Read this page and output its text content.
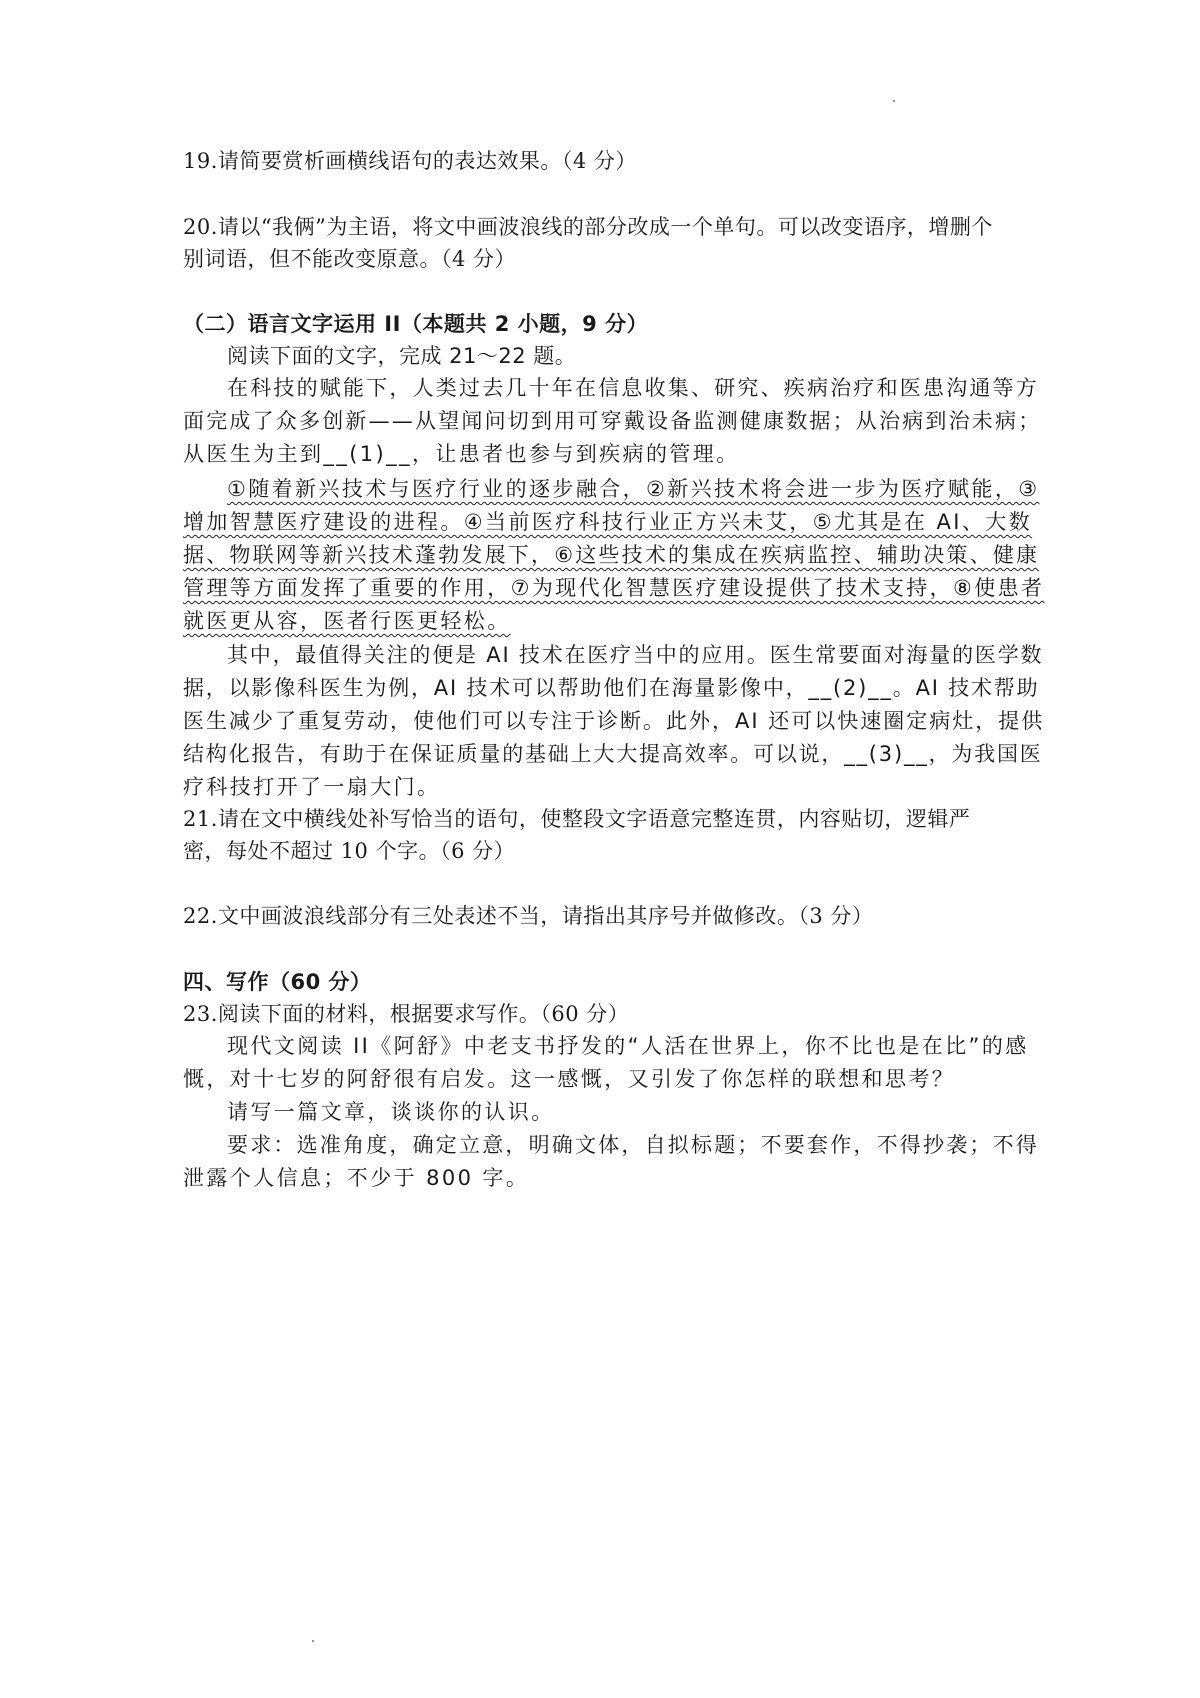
19.请简要赏析画横线语句的表达效果。（4 分）
20.请以“我俩”为主语，将文中画波浪线的部分改成一个单句。可以改变语序，增删个
别词语，但不能改变原意。（4 分）
（二）语言文字运用 II（本题共 2 小题，9 分）
阅读下面的文字，完成 21～22 题。
在科技的赋能下，人类过去几十年在信息收集、研究、疾病治疗和医患沟通等方
面完成了众多创新——从望闻问切到用可穿戴设备监测健康数据；从治病到治未病；
从医生为主到__(1)__，让患者也参与到疾病的管理。
①随着新兴技术与医疗行业的逐步融合，②新兴技术将会进一步为医疗赋能，③
增加智慧医疗建设的进程。④当前医疗科技行业正方兴未艾，⑤尤其是在 AI、大数
据、物联网等新兴技术蓬勃发展下，⑥这些技术的集成在疾病监控、辅助决策、健康
管理等方面发挥了重要的作用，⑦为现代化智慧医疗建设提供了技术支持，⑧使患者
就医更从容，医者行医更轻松。
其中，最值得关注的便是 AI 技术在医疗当中的应用。医生常要面对海量的医学数
据，以影像科医生为例，AI 技术可以帮助他们在海量影像中，__(2)__。AI 技术帮助
医生减少了重复劳动，使他们可以专注于诊断。此外，AI 还可以快速圈定病灶，提供
结构化报告，有助于在保证质量的基础上大大提高效率。可以说，__(3)__，为我国医
疗科技打开了一扇大门。
21.请在文中横线处补写恰当的语句，使整段文字语意完整连贯，内容贴切，逻辑严
密，每处不超过 10 个字。（6 分）
22.文中画波浪线部分有三处表述不当，请指出其序号并做修改。（3 分）
四、写作（60 分）
23.阅读下面的材料，根据要求写作。（60 分）
现代文阅读 II《阿舒》中老支书抒发的“人活在世界上，你不比也是在比”的感
慨，对十七岁的阿舒很有启发。这一感慨，又引发了你怎样的联想和思考？
请写一篇文章，谈谈你的认识。
要求：选准角度，确定立意，明确文体，自拟标题；不要套作，不得抄袭；不得
泄露个人信息；不少于 800 字。
